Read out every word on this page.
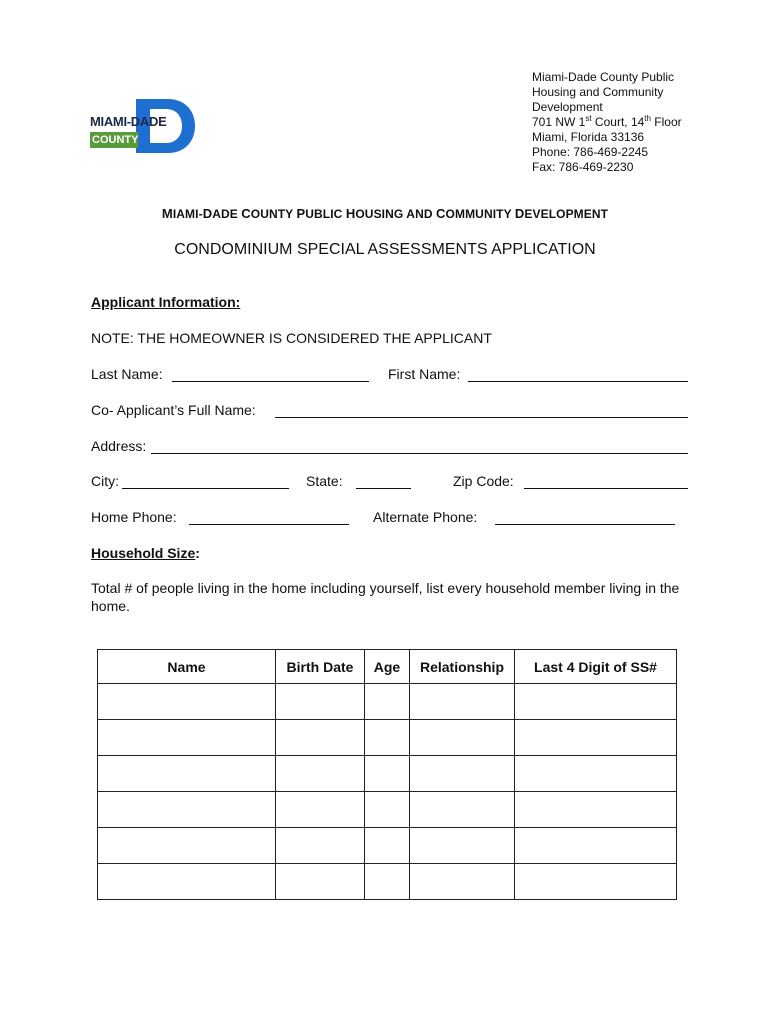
MIAMI-DADE
COUNTY
Miami-Dade County Public
Housing and Community
Development
701 NW 1st Court, 14th Floor
Miami, Florida 33136
Phone: 786-469-2245
Fax: 786-469-2230
MIAMI-DADE COUNTY PUBLIC HOUSING AND COMMUNITY DEVELOPMENT
CONDOMINIUM SPECIAL ASSESSMENTS APPLICATION
Applicant Information:
NOTE: THE HOMEOWNER IS CONSIDERED THE APPLICANT
Last Name:	First Name:
Co- Applicant’s Full Name:
Address:
City:	State:	Zip Code:
Home Phone:	Alternate Phone:
Household Size:
Total # of people living in the home including yourself, list every household member living in the home.
Name	Birth Date	Age	Relationship	Last 4 Digit of SS#
